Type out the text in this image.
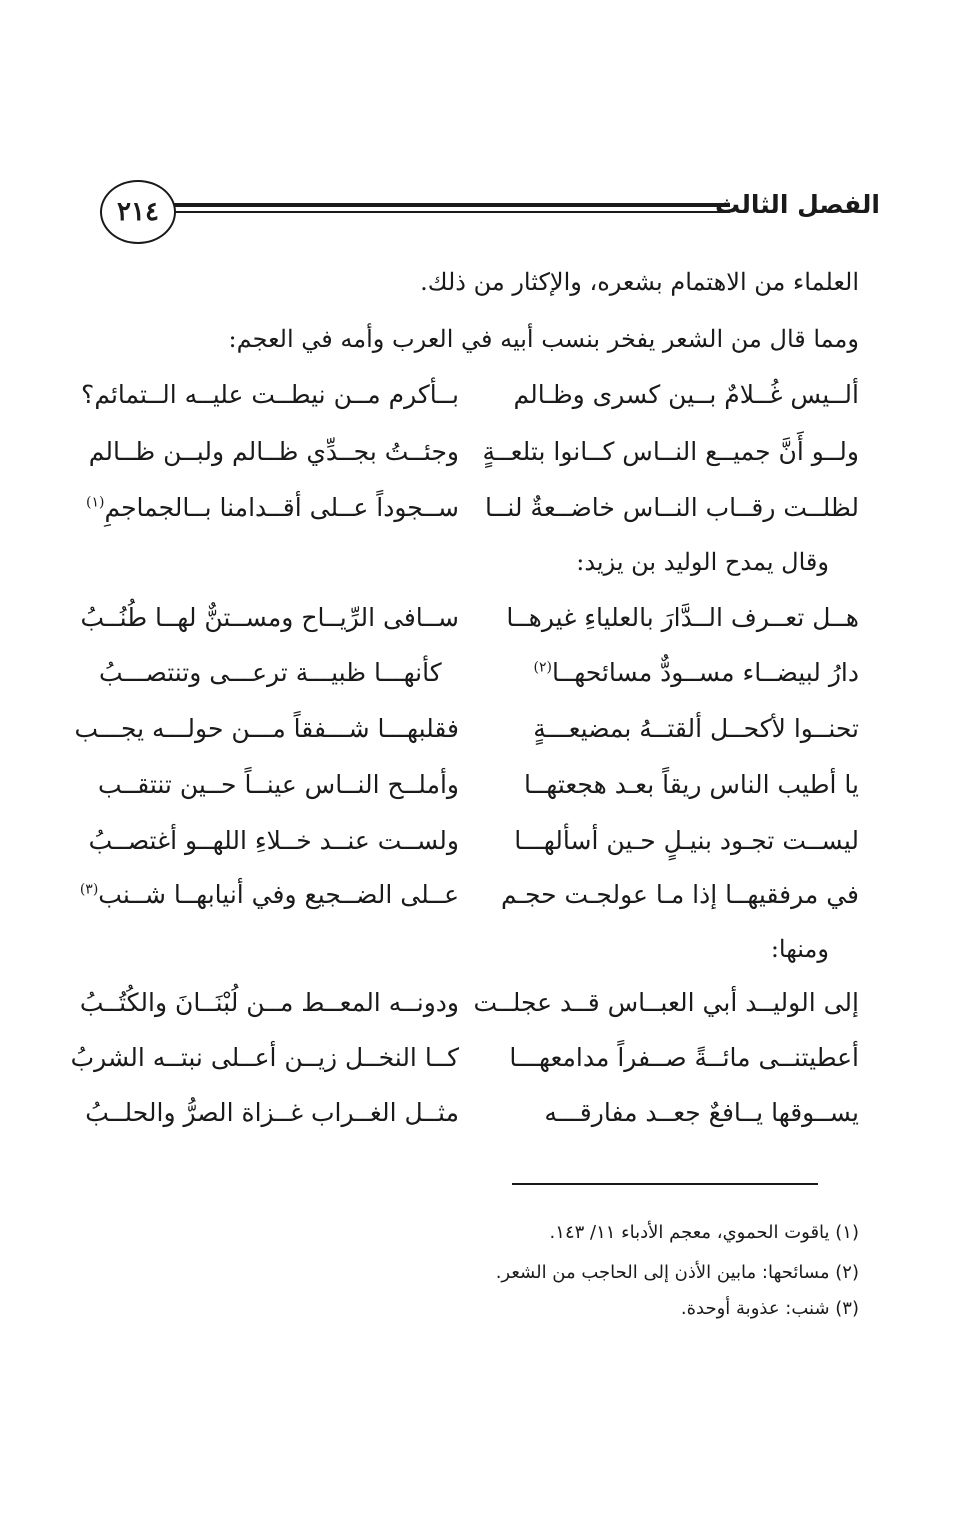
٢١٤	الفصل الثالث
العلماء من الاهتمام بشعره، والإكثار من ذلك.
ومما قال من الشعر يفخر بنسب أبيه في العرب وأمه في العجم:
ألــيس غُــلامٌ بــين كسرى وظـالم
بــأكرم مــن نيطــت عليــه الــتمائم؟
ولــو أَنَّ جميــع النــاس كــانوا بتلعــةٍ
وجئــتُ بجــدِّي ظــالم ولبــن ظــالم
لظلــت رقــاب النــاس خاضــعةٌ لنــا
ســجوداً عــلى أقــدامنا بــالجماجمِ$^{(١)}$
وقال يمدح الوليد بن يزيد:
هــل تعــرف الــدَّارَ بالعلياءِ غيرهــا
ســافى الرِّيــاح ومســتنٌّ لهــا طُنُــبُ
دارُ لبيضــاء مســودٌّ مسائحهــا$^{(٢)}$
كأنهـــا ظبيـــة ترعـــى وتنتصـــبُ
تحنــوا لأكحــل ألقتــهُ بمضيعـــةٍ
فقلبهـــا شـــفقاً مـــن حولـــه يجـــب
يا أطيب الناس ريقاً بعـد هجعتهــا
وأملــح النــاس عينــاً حــين تنتقــب
ليســت تجـود بنيـلٍ حـين أسألهـــا
ولســت عنــد خــلاءِ اللهــو أغتصــبُ
في مرفقيهــا إذا مـا عولجـت حجـم
عــلى الضــجيع وفي أنيابهــا شــنب$^{(٣)}$
ومنها:
إلى الوليــد أبي العبــاس قــد عجلــت
ودونــه المعــط مــن لُبْنَــانَ والكُتُــبُ
أعطيتنــى مائــةً صــفراً مدامعهـــا
كــا النخــل زيــن أعــلى نبتــه الشربُ
يســوقها يــافعٌ جعــد مفارقـــه
مثــل الغــراب غــزاة الصرُّ والحلــبُ
(١) ياقوت الحموي، معجم الأدباء ١١/ ١٤٣.
(٢) مسائحها: مابين الأذن إلى الحاجب من الشعر.
(٣) شنب: عذوبة أوحدة.
